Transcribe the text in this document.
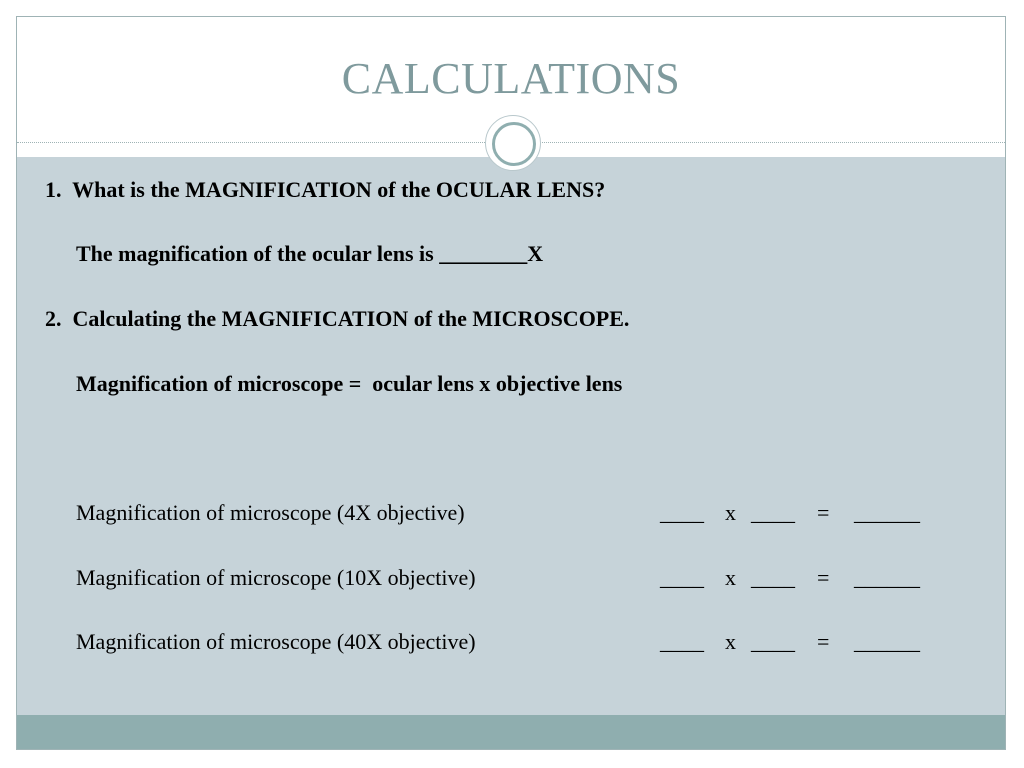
CALCULATIONS
1.  What is the MAGNIFICATION of the OCULAR LENS?
The magnification of the ocular lens is ________X
2.  Calculating the MAGNIFICATION of the MICROSCOPE.
Magnification of microscope =  ocular lens x objective lens
Magnification of microscope (4X objective)	____ x ____ = ______
Magnification of microscope (10X objective)	____ x ____ = ______
Magnification of microscope (40X objective)	____ x ____ = ______
